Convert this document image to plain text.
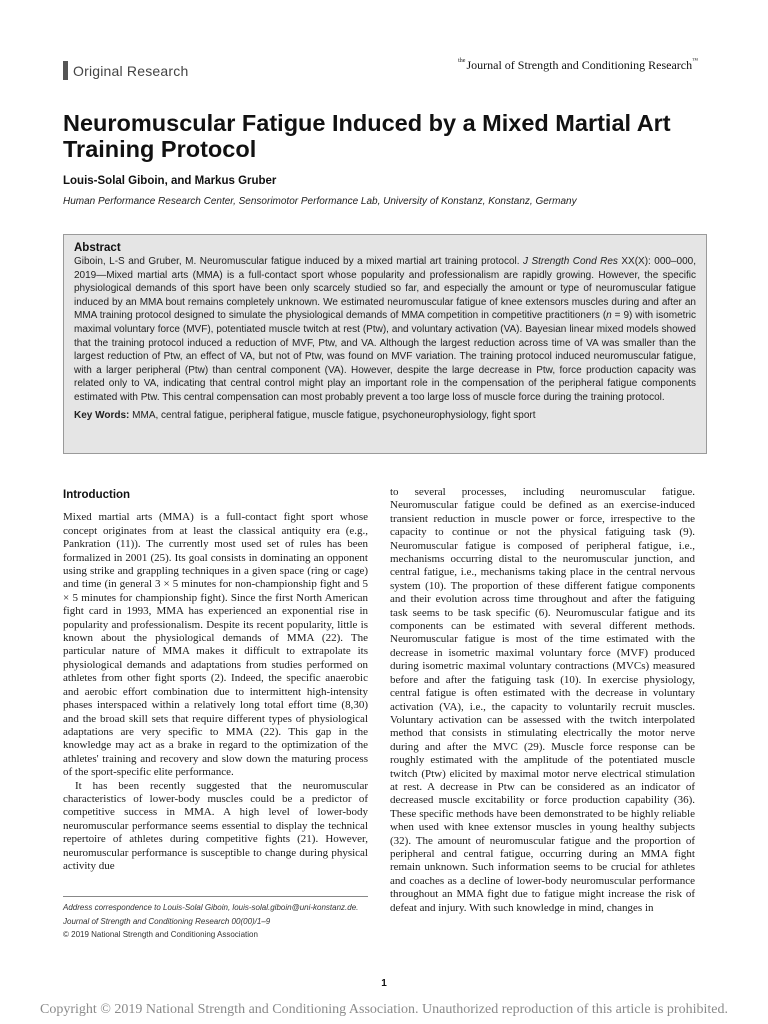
Original Research
$^{the}$Journal of Strength and Conditioning Research™
Neuromuscular Fatigue Induced by a Mixed Martial Art Training Protocol
Louis-Solal Giboin, and Markus Gruber
Human Performance Research Center, Sensorimotor Performance Lab, University of Konstanz, Konstanz, Germany
Abstract
Giboin, L-S and Gruber, M. Neuromuscular fatigue induced by a mixed martial art training protocol. J Strength Cond Res XX(X): 000–000, 2019—Mixed martial arts (MMA) is a full-contact sport whose popularity and professionalism are rapidly growing. However, the specific physiological demands of this sport have been only scarcely studied so far, and especially the amount or type of neuromuscular fatigue induced by an MMA bout remains completely unknown. We estimated neuromuscular fatigue of knee extensors muscles during and after an MMA training protocol designed to simulate the physiological demands of MMA competition in competitive practitioners (n = 9) with isometric maximal voluntary force (MVF), potentiated muscle twitch at rest (Ptw), and voluntary activation (VA). Bayesian linear mixed models showed that the training protocol induced a reduction of MVF, Ptw, and VA. Although the largest reduction across time of VA was smaller than the largest reduction of Ptw, an effect of VA, but not of Ptw, was found on MVF variation. The training protocol induced neuromuscular fatigue, with a larger peripheral (Ptw) than central component (VA). However, despite the large decrease in Ptw, force production capacity was related only to VA, indicating that central control might play an important role in the compensation of the peripheral fatigue components estimated with Ptw. This central compensation can most probably prevent a too large loss of muscle force during the training protocol.
Key Words: MMA, central fatigue, peripheral fatigue, muscle fatigue, psychoneurophysiology, fight sport
Introduction

Mixed martial arts (MMA) is a full-contact fight sport whose concept originates from at least the classical antiquity era (e.g., Pankration (11)). The currently most used set of rules has been formalized in 2001 (25). Its goal consists in dominating an opponent using strike and grappling techniques in a given space (ring or cage) and time (in general 3 × 5 minutes for non-championship fight and 5 × 5 minutes for championship fight). Since the first North American fight card in 1993, MMA has experienced an exponential rise in popularity and professionalism. Despite its recent popularity, little is known about the physiological demands of MMA (22). The particular nature of MMA makes it difficult to extrapolate its physiological demands and adaptations from studies performed on athletes from other fight sports (2). Indeed, the specific anaerobic and aerobic effort combination due to intermittent high-intensity phases interspaced within a relatively long total effort time (8,30) and the broad skill sets that require different types of physiological adaptations are very specific to MMA (22). This gap in the knowledge may act as a brake in regard to the optimization of the athletes' training and recovery and slow down the maturing process of the sport-specific elite performance.

It has been recently suggested that the neuromuscular characteristics of lower-body muscles could be a predictor of competitive success in MMA. A high level of lower-body neuromuscular performance seems essential to display the technical repertoire of athletes during competitive fights (21). However, neuromuscular performance is susceptible to change during physical activity due

to several processes, including neuromuscular fatigue. Neuromuscular fatigue could be defined as an exercise-induced transient reduction in muscle power or force, irrespective to the capacity to continue or not the physical fatiguing task (9). Neuromuscular fatigue is composed of peripheral fatigue, i.e., mechanisms occurring distal to the neuromuscular junction, and central fatigue, i.e., mechanisms taking place in the central nervous system (10). The proportion of these different fatigue components and their evolution across time throughout and after the fatiguing task seems to be task specific (6). Neuromuscular fatigue and its components can be estimated with several different methods. Neuromuscular fatigue is most of the time estimated with the decrease in isometric maximal voluntary force (MVF) produced during isometric maximal voluntary contractions (MVCs) measured before and after the fatiguing task (10). In exercise physiology, central fatigue is often estimated with the decrease in voluntary activation (VA), i.e., the capacity to voluntarily recruit muscles. Voluntary activation can be assessed with the twitch interpolated method that consists in stimulating electrically the motor nerve during and after the MVC (29). Muscle force response can be roughly estimated with the amplitude of the potentiated muscle twitch (Ptw) elicited by maximal motor nerve electrical stimulation at rest. A decrease in Ptw can be considered as an indicator of decreased muscle excitability or force production capability (36). These specific methods have been demonstrated to be highly reliable when used with knee extensor muscles in young healthy subjects (32). The amount of neuromuscular fatigue and the proportion of peripheral and central fatigue, occurring during an MMA fight remain unknown. Such information seems to be crucial for athletes and coaches as a decline of lower-body neuromuscular performance throughout an MMA fight due to fatigue might increase the risk of defeat and injury. With such knowledge in mind, changes in

Address correspondence to Louis-Solal Giboin, louis-solal.giboin@uni-konstanz.de.
Journal of Strength and Conditioning Research 00(00)/1–9
© 2019 National Strength and Conditioning Association
1
Copyright © 2019 National Strength and Conditioning Association. Unauthorized reproduction of this article is prohibited.
